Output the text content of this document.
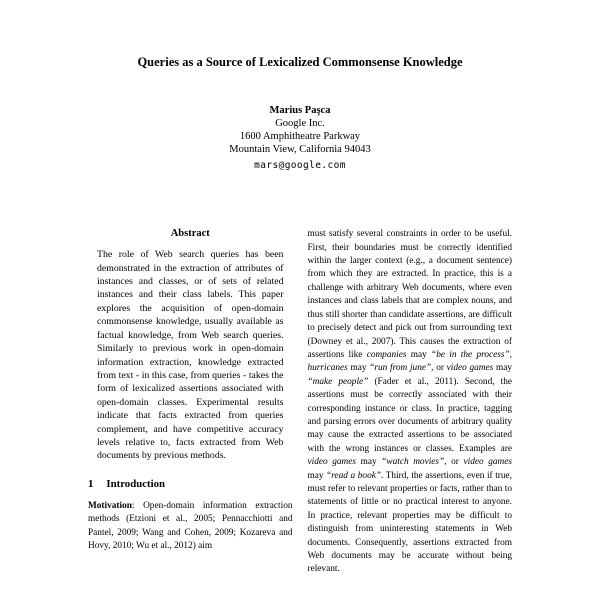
Queries as a Source of Lexicalized Commonsense Knowledge
Marius Paşca
Google Inc.
1600 Amphitheatre Parkway
Mountain View, California 94043
mars@google.com
Abstract

The role of Web search queries has been demonstrated in the extraction of attributes of instances and classes, or of sets of related instances and their class labels. This paper explores the acquisition of open-domain commonsense knowledge, usually available as factual knowledge, from Web search queries. Similarly to previous work in open-domain information extraction, knowledge extracted from text - in this case, from queries - takes the form of lexicalized assertions associated with open-domain classes. Experimental results indicate that facts extracted from queries complement, and have competitive accuracy levels relative to, facts extracted from Web documents by previous methods.

1 Introduction

Motivation: Open-domain information extraction methods (Etzioni et al., 2005; Pennacchiotti and Pantel, 2009; Wang and Cohen, 2009; Kozareva and Hovy, 2010; Wu et al., 2012) aim

must satisfy several constraints in order to be useful. First, their boundaries must be correctly identified within the larger context (e.g., a document sentence) from which they are extracted. In practice, this is a challenge with arbitrary Web documents, where even instances and class labels that are complex nouns, and thus still shorter than candidate assertions, are difficult to precisely detect and pick out from surrounding text (Downey et al., 2007). This causes the extraction of assertions like companies may “be in the process”, hurricanes may “run from june”, or video games may “make people” (Fader et al., 2011). Second, the assertions must be correctly associated with their corresponding instance or class. In practice, tagging and parsing errors over documents of arbitrary quality may cause the extracted assertions to be associated with the wrong instances or classes. Examples are video games may “watch movies”, or video games may “read a book”. Third, the assertions, even if true, must refer to relevant properties or facts, rather than to statements of little or no practical interest to anyone. In practice, relevant properties may be difficult to distinguish from uninteresting statements in Web documents. Consequently, assertions extracted from Web documents may be accurate without being relevant.
